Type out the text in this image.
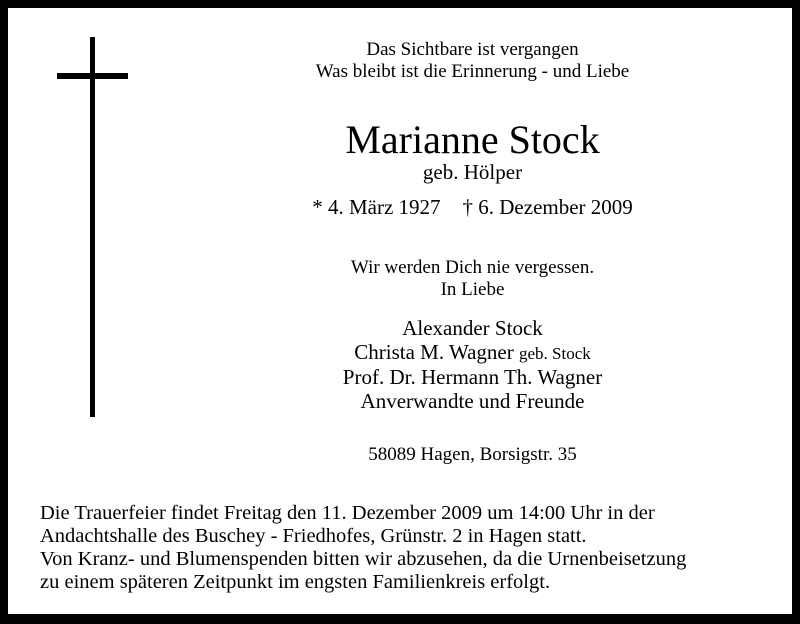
Das Sichtbare ist vergangen
Was bleibt ist die Erinnerung - und Liebe
Marianne Stock
geb. Hölper
* 4. März 1927 † 6. Dezember 2009
Wir werden Dich nie vergessen.
In Liebe
Alexander Stock
Christa M. Wagner geb. Stock
Prof. Dr. Hermann Th. Wagner
Anverwandte und Freunde
58089 Hagen, Borsigstr. 35
Die Trauerfeier findet Freitag den 11. Dezember 2009 um 14:00 Uhr in der
Andachtshalle des Buschey - Friedhofes, Grünstr. 2 in Hagen statt.
Von Kranz- und Blumenspenden bitten wir abzusehen, da die Urnenbeisetzung
zu einem späteren Zeitpunkt im engsten Familienkreis erfolgt.
